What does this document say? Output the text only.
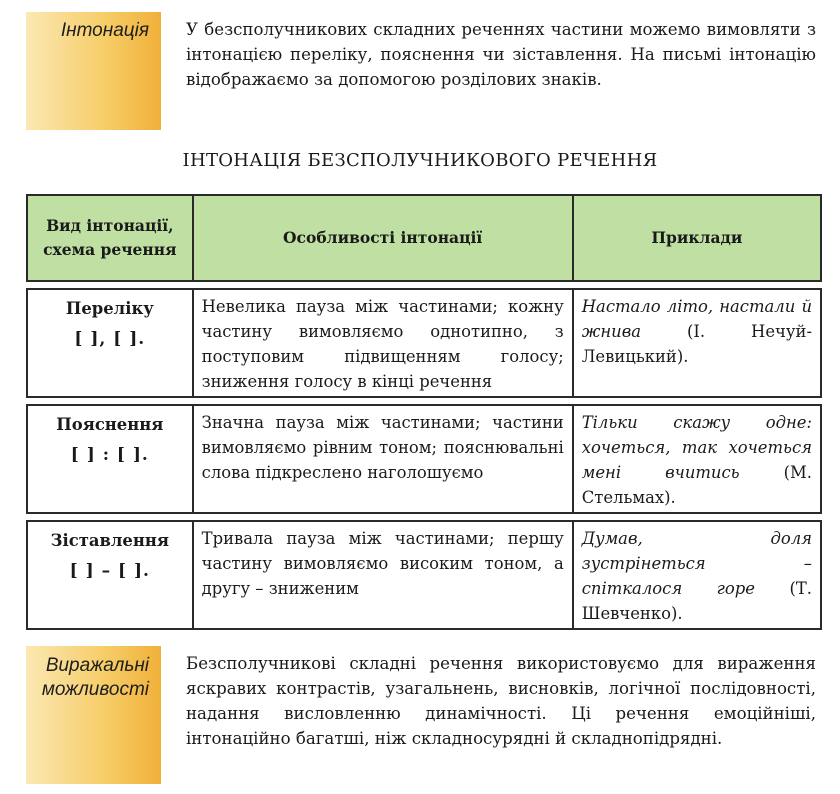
Інтонація	У безсполучникових складних реченнях частини можемо вимовляти з інтонацією переліку, пояснення чи зіставлення. На письмі інтонацію відображаємо за допомогою розділових знаків.

ІНТОНАЦІЯ БЕЗСПОЛУЧНИКОВОГО РЕЧЕННЯ
Вид інтонації, схема речення	Особливості інтонації	Приклади

Переліку
[ ], [ ].	Невелика пауза між частинами; кожну частину вимовляємо однотипно, з поступовим підвищенням голосу; зниження голосу в кінці речення	Настало літо, настали й жнива (І. Нечуй-Левицький).

Пояснення
[ ] : [ ].	Значна пауза між частинами; частини вимовляємо рівним тоном; пояснювальні слова підкреслено наголошуємо	Тільки скажу одне: хочеться, так хочеться мені вчитись (М. Стельмах).

Зіставлення
[ ] – [ ].	Тривала пауза між частинами; першу частину вимовляємо високим тоном, а другу – зниженим	Думав, доля зустрінеться – спіткалося горе (Т. Шевченко).
Виражальні можливості

Безсполучникові складні речення використовуємо для вираження яскравих контрастів, узагальнень, висновків, логічної послідовності, надання висловленню динамічності. Ці речення емоційніші, інтонаційно багатші, ніж складносурядні й складнопідрядні.
